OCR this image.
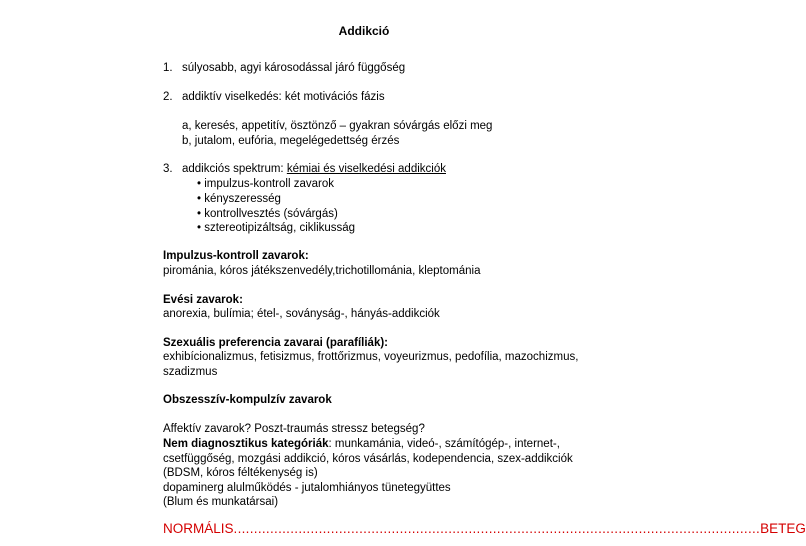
Addikció
1. súlyosabb, agyi károsodással járó függőség
2. addiktív viselkedés: két motivációs fázis
a, keresés, appetitív, ösztönző – gyakran sóvárgás előzi meg
b, jutalom, eufória, megelégedettség érzés
3. addikciós spektrum: kémiai és viselkedési addikciók
• impulzus-kontroll zavarok
• kényszeresség
• kontrollvesztés (sóvárgás)
• sztereotipizáltság, ciklikusság
Impulzus-kontroll zavarok:
pirománia, kóros játékszenvedély,trichotillománia, kleptománia
Evési zavarok:
anorexia, bulímia; étel-, soványság-, hányás-addikciók
Szexuális preferencia zavarai (parafíliák):
exhibícionalizmus, fetisizmus, frottőrizmus, voyeurizmus, pedofília, mazochizmus,
szadizmus
Obszesszív-kompulzív zavarok
Affektív zavarok? Poszt-traumás stressz betegség?
Nem diagnosztikus kategóriák: munkamánia, videó-, számítógép-, internet-,
csetfüggőség, mozgási addikció, kóros vásárlás, kodependencia, szex-addikciók
(BDSM, kóros féltékenység is)
dopaminerg alulműködés - jutalomhiányos tünetegyüttes
(Blum és munkatársai)
NORMÁLIS .................................................................................................................................. BETEG
